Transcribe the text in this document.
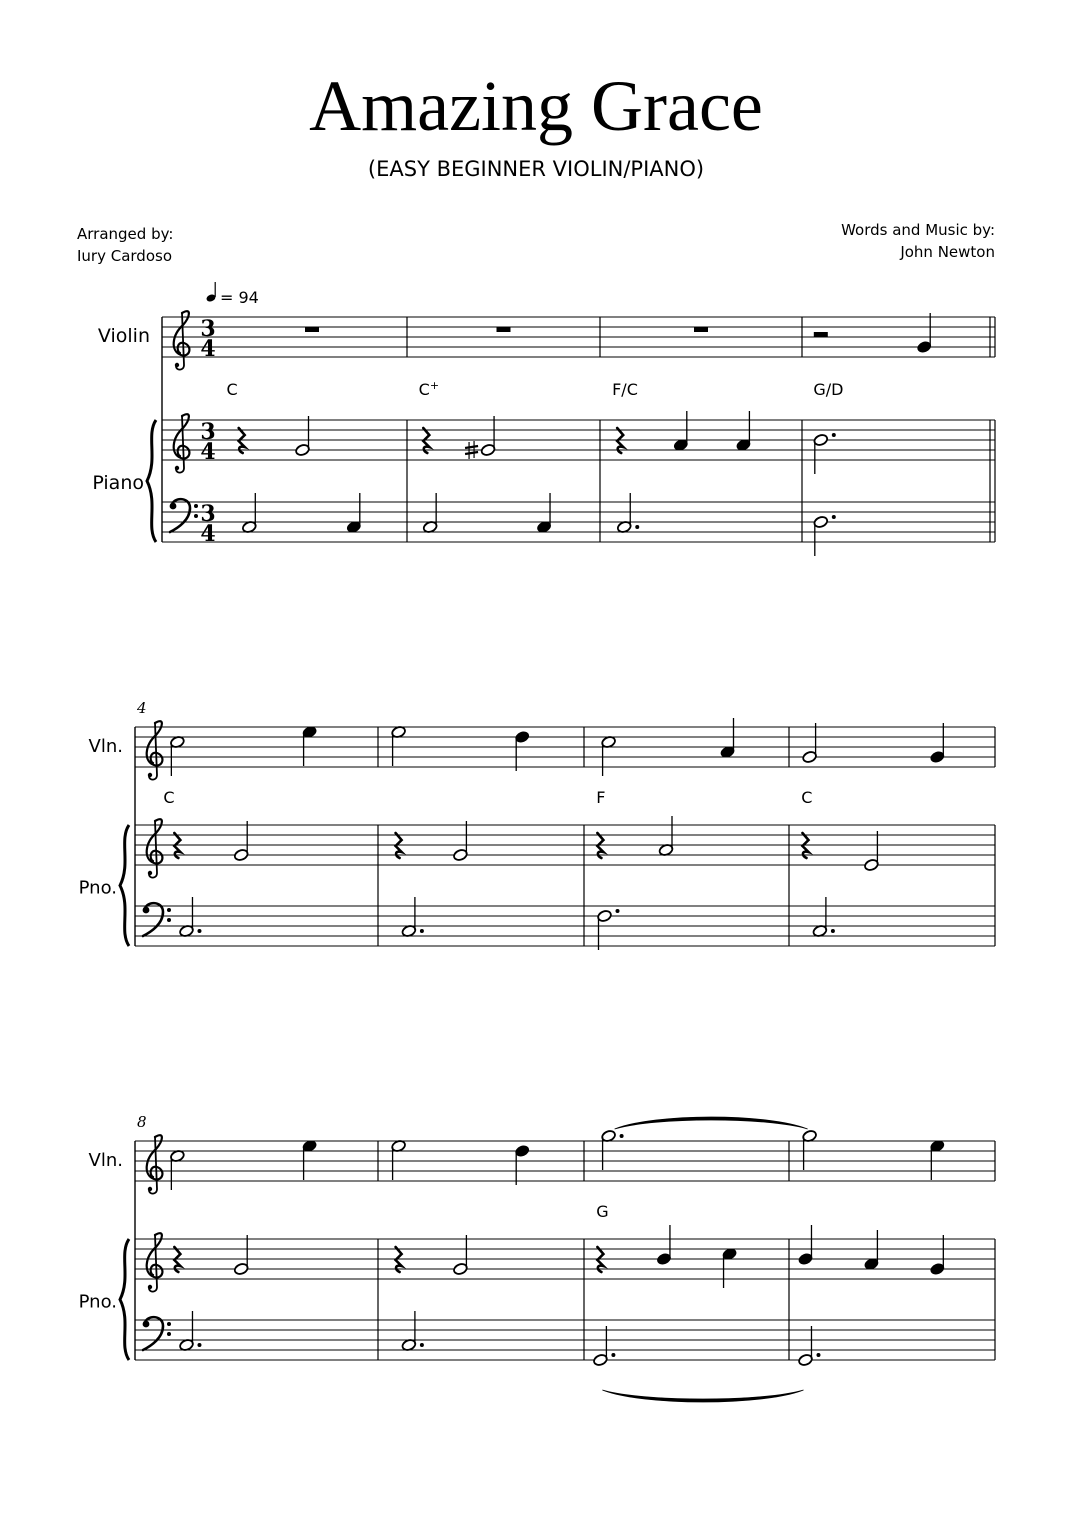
Amazing Grace
(EASY BEGINNER VIOLIN/PIANO)
Arranged by:
Iury Cardoso
Words and Music by:
John Newton
3
4
3
4
3
4
Violin
Piano
C	C+	F/C	G/D
Vln.
Pno.
4
C	F	C
Vln.
Pno.
8
G
= 94
